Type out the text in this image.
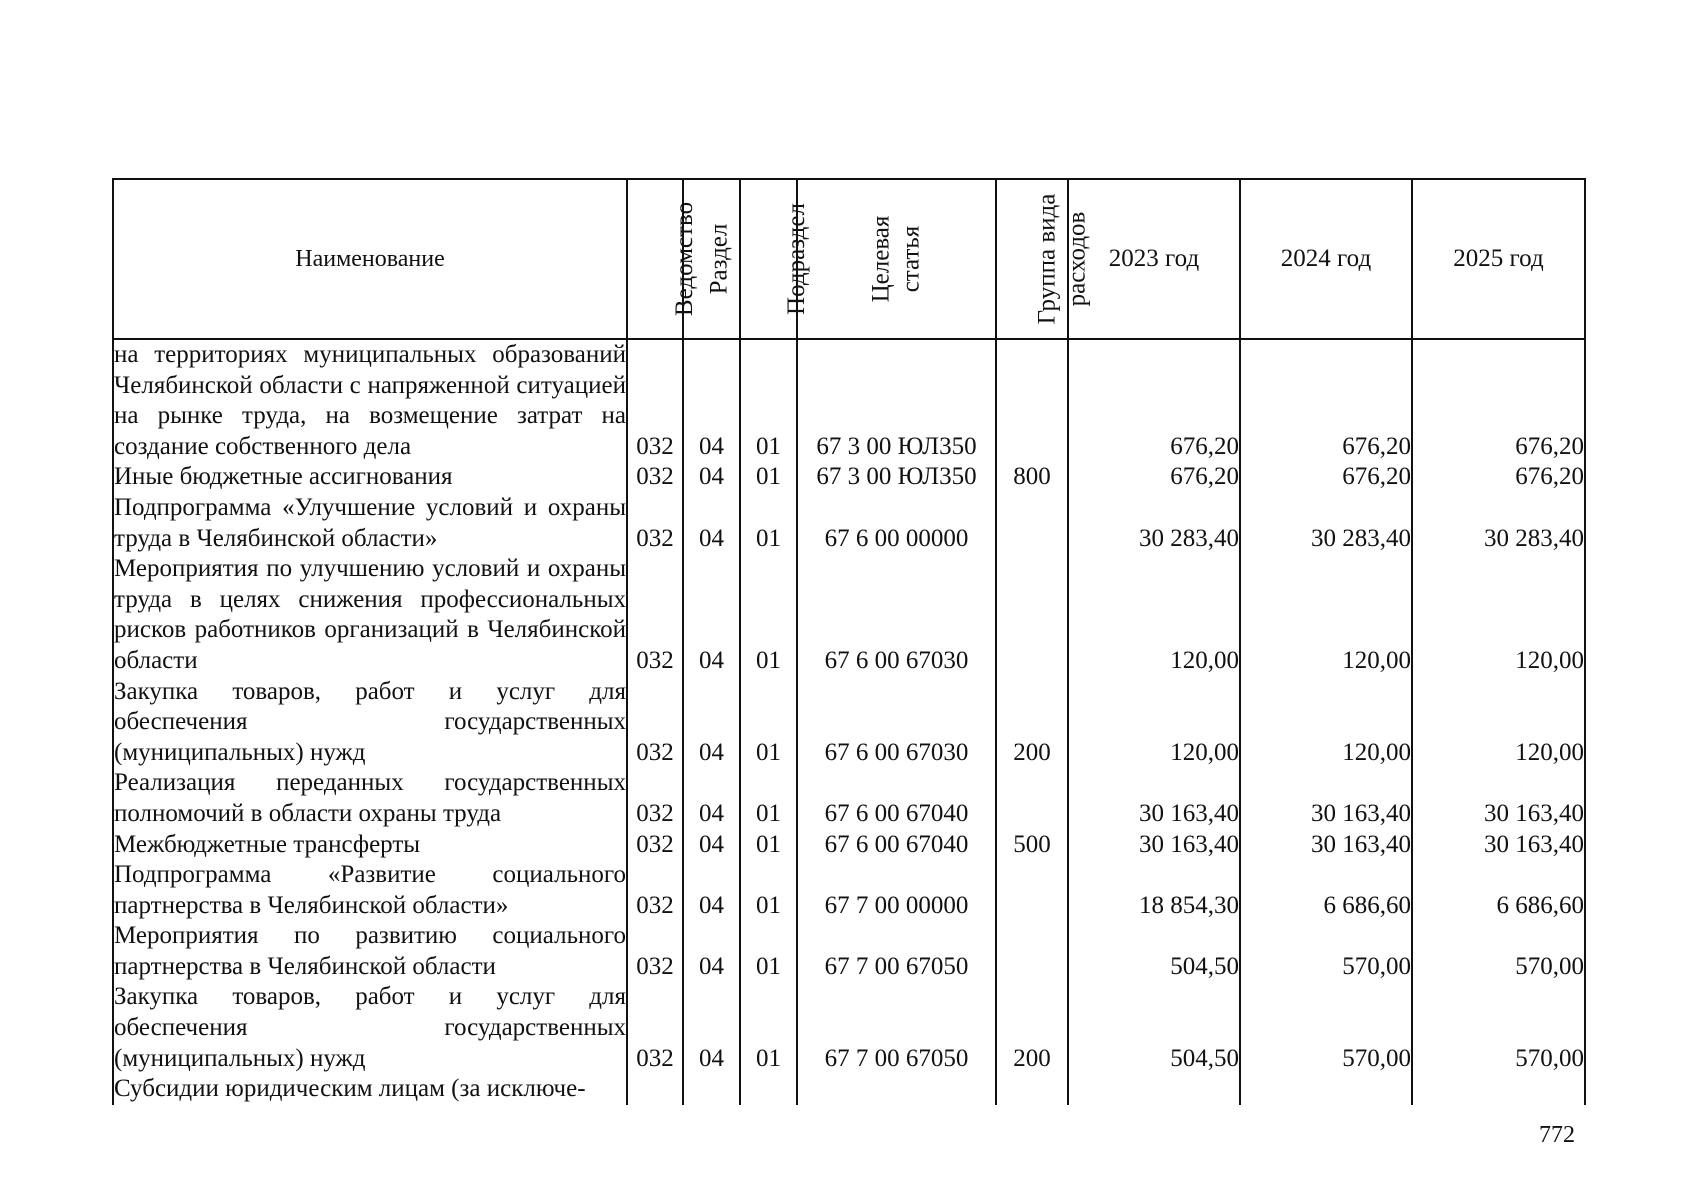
Наименование	Ведомство	Раздел	Подраздел	Целевая статья	Группа вида расходов	2023 год	2024 год	2025 год
на территориях муниципальных образований Челябинской области с напряженной ситуацией на рынке труда, на возмещение затрат на создание собственного дела	032	04	01	67 3 00 ЮЛ350		676,20	676,20	676,20
Иные бюджетные ассигнования	032	04	01	67 3 00 ЮЛ350	800	676,20	676,20	676,20
Подпрограмма «Улучшение условий и охраны труда в Челябинской области»	032	04	01	67 6 00 00000		30 283,40	30 283,40	30 283,40
Мероприятия по улучшению условий и охраны труда в целях снижения профессиональных рисков работников организаций в Челябинской области	032	04	01	67 6 00 67030		120,00	120,00	120,00
Закупка товаров, работ и услуг для обеспечения государственных (муниципальных) нужд	032	04	01	67 6 00 67030	200	120,00	120,00	120,00
Реализация переданных государственных полномочий в области охраны труда	032	04	01	67 6 00 67040		30 163,40	30 163,40	30 163,40
Межбюджетные трансферты	032	04	01	67 6 00 67040	500	30 163,40	30 163,40	30 163,40
Подпрограмма «Развитие социального партнерства в Челябинской области»	032	04	01	67 7 00 00000		18 854,30	6 686,60	6 686,60
Мероприятия по развитию социального партнерства в Челябинской области	032	04	01	67 7 00 67050		504,50	570,00	570,00
Закупка товаров, работ и услуг для обеспечения государственных (муниципальных) нужд	032	04	01	67 7 00 67050	200	504,50	570,00	570,00
Субсидии юридическим лицам (за исключе-								
772
